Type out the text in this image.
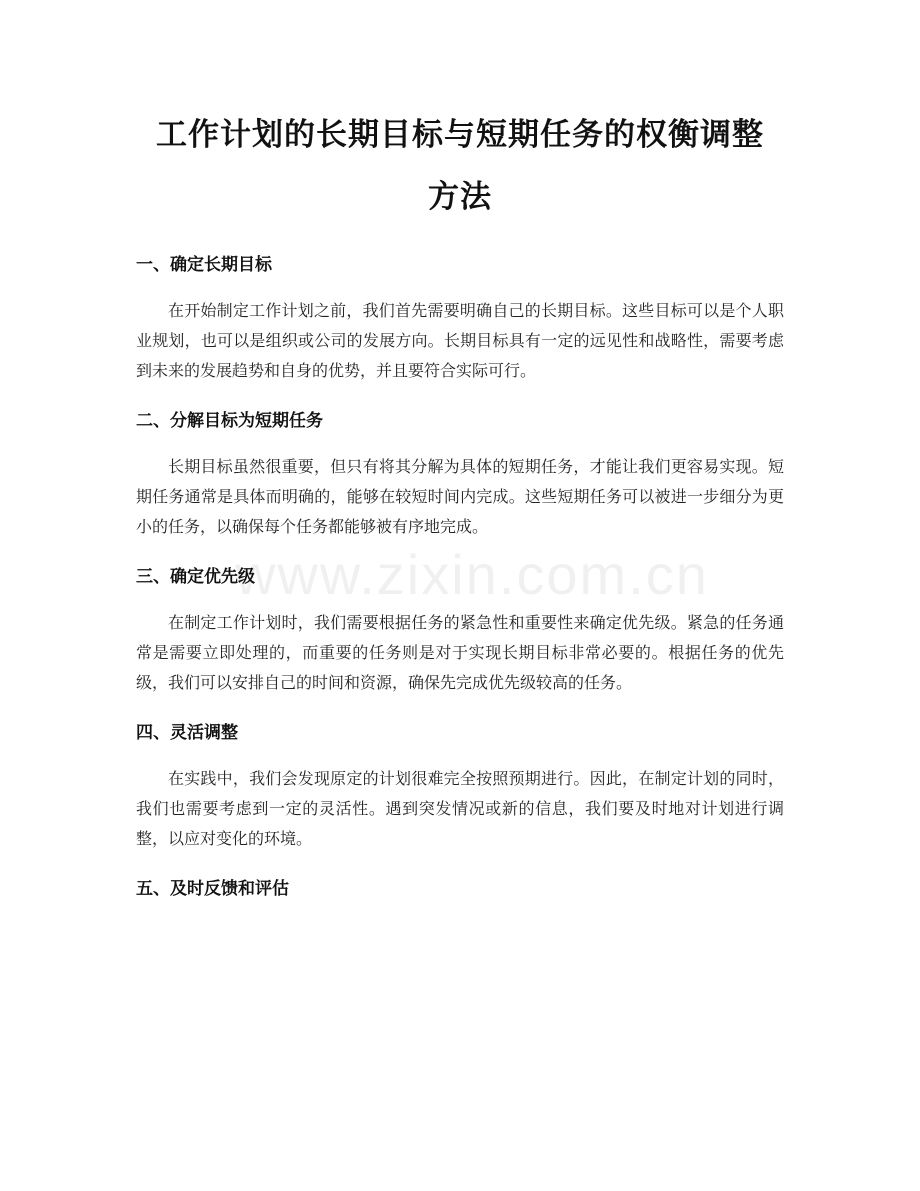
工作计划的长期目标与短期任务的权衡调整
方法
一、确定长期目标

在开始制定工作计划之前，我们首先需要明确自己的长期目标。这些目标可以是个人职业规划，也可以是组织或公司的发展方向。长期目标具有一定的远见性和战略性，需要考虑到未来的发展趋势和自身的优势，并且要符合实际可行。

二、分解目标为短期任务

长期目标虽然很重要，但只有将其分解为具体的短期任务，才能让我们更容易实现。短期任务通常是具体而明确的，能够在较短时间内完成。这些短期任务可以被进一步细分为更小的任务，以确保每个任务都能够被有序地完成。

三、确定优先级

在制定工作计划时，我们需要根据任务的紧急性和重要性来确定优先级。紧急的任务通常是需要立即处理的，而重要的任务则是对于实现长期目标非常必要的。根据任务的优先级，我们可以安排自己的时间和资源，确保先完成优先级较高的任务。

四、灵活调整

在实践中，我们会发现原定的计划很难完全按照预期进行。因此，在制定计划的同时，我们也需要考虑到一定的灵活性。遇到突发情况或新的信息，我们要及时地对计划进行调整，以应对变化的环境。

五、及时反馈和评估
www.zixin.com.cn
